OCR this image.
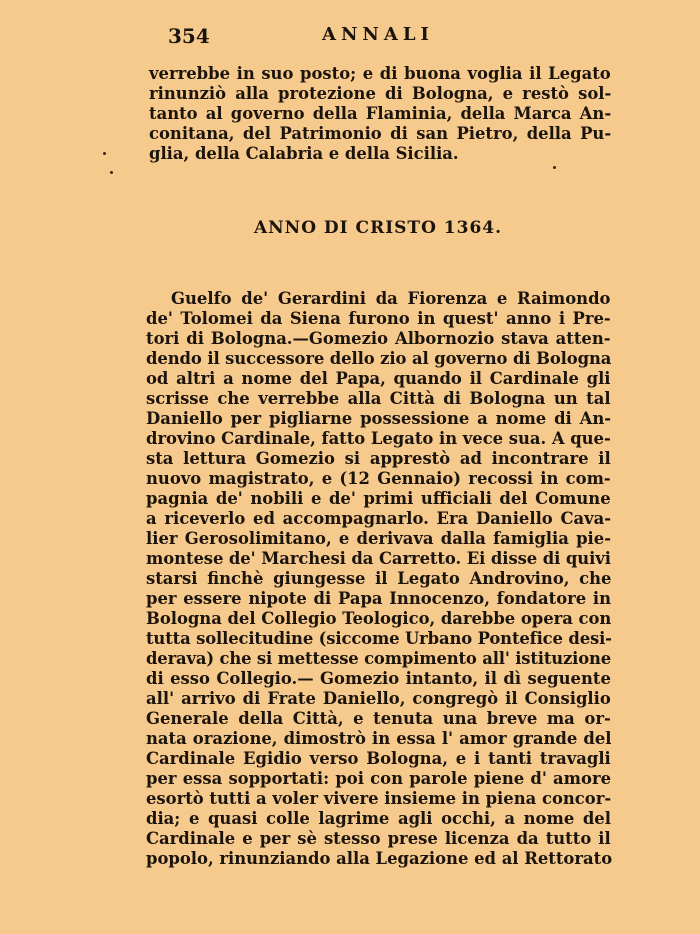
354	ANNALI
verrebbe in suo posto; e di buona voglia il Legato
rinunziò alla protezione di Bologna, e restò sol-
tanto al governo della Flaminia, della Marca An-
conitana, del Patrimonio di san Pietro, della Pu-
glia, della Calabria e della Sicilia.
ANNO DI CRISTO 1364.
Guelfo de' Gerardini da Fiorenza e Raimondo
de' Tolomei da Siena furono in quest' anno i Pre-
tori di Bologna.—Gomezio Albornozio stava atten-
dendo il successore dello zio al governo di Bologna
od altri a nome del Papa, quando il Cardinale gli
scrisse che verrebbe alla Città di Bologna un tal
Daniello per pigliarne possessione a nome di An-
drovino Cardinale, fatto Legato in vece sua. A que-
sta lettura Gomezio si apprestò ad incontrare il
nuovo magistrato, e (12 Gennaio) recossi in com-
pagnia de' nobili e de' primi ufficiali del Comune
a riceverlo ed accompagnarlo. Era Daniello Cava-
lier Gerosolimitano, e derivava dalla famiglia pie-
montese de' Marchesi da Carretto. Ei disse di quivi
starsi finchè giungesse il Legato Androvino, che
per essere nipote di Papa Innocenzo, fondatore in
Bologna del Collegio Teologico, darebbe opera con
tutta sollecitudine (siccome Urbano Pontefice desi-
derava) che si mettesse compimento all' istituzione
di esso Collegio.— Gomezio intanto, il dì seguente
all' arrivo di Frate Daniello, congregò il Consiglio
Generale della Città, e tenuta una breve ma or-
nata orazione, dimostrò in essa l' amor grande del
Cardinale Egidio verso Bologna, e i tanti travagli
per essa sopportati: poi con parole piene d' amore
esortò tutti a voler vivere insieme in piena concor-
dia; e quasi colle lagrime agli occhi, a nome del
Cardinale e per sè stesso prese licenza da tutto il
popolo, rinunziando alla Legazione ed al Rettorato
